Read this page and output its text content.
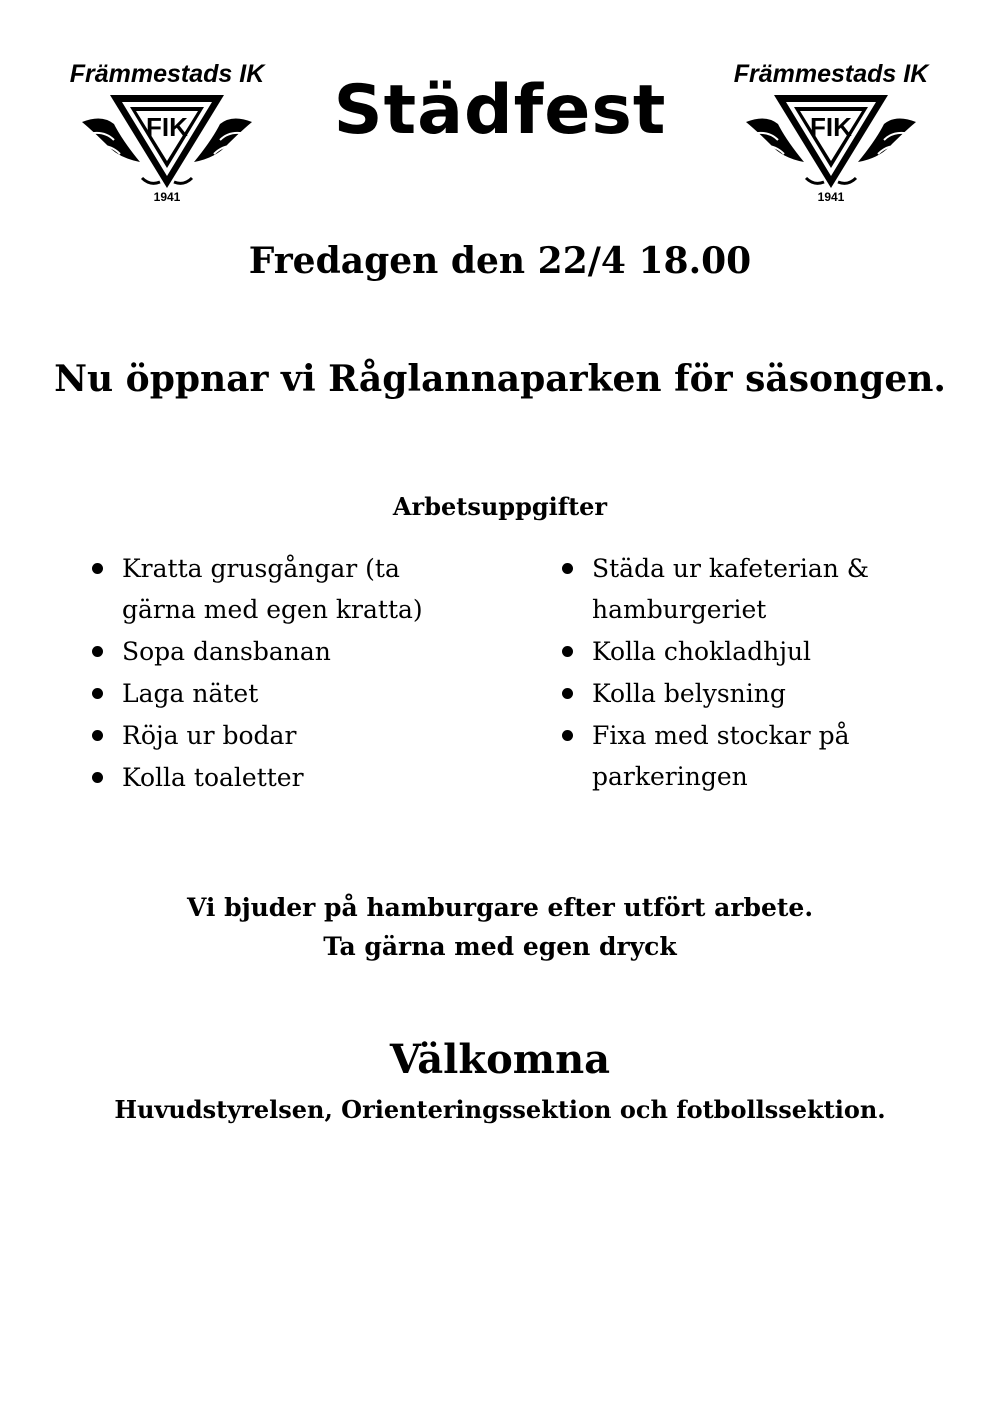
Främmestads IK
FIK
1941
Städfest	Främmestads IK
FIK
1941
Fredagen den 22/4 18.00
Nu öppnar vi Råglannaparken för säsongen.
Arbetsuppgifter
Kratta grusgångar (ta gärna med egen kratta)
Sopa dansbanan
Laga nätet
Röja ur bodar
Kolla toaletter
Städa ur kafeterian & hamburgeriet
Kolla chokladhjul
Kolla belysning
Fixa med stockar på parkeringen
Vi bjuder på hamburgare efter utfört arbete.
Ta gärna med egen dryck
Välkomna
Huvudstyrelsen, Orienteringssektion och fotbollssektion.
